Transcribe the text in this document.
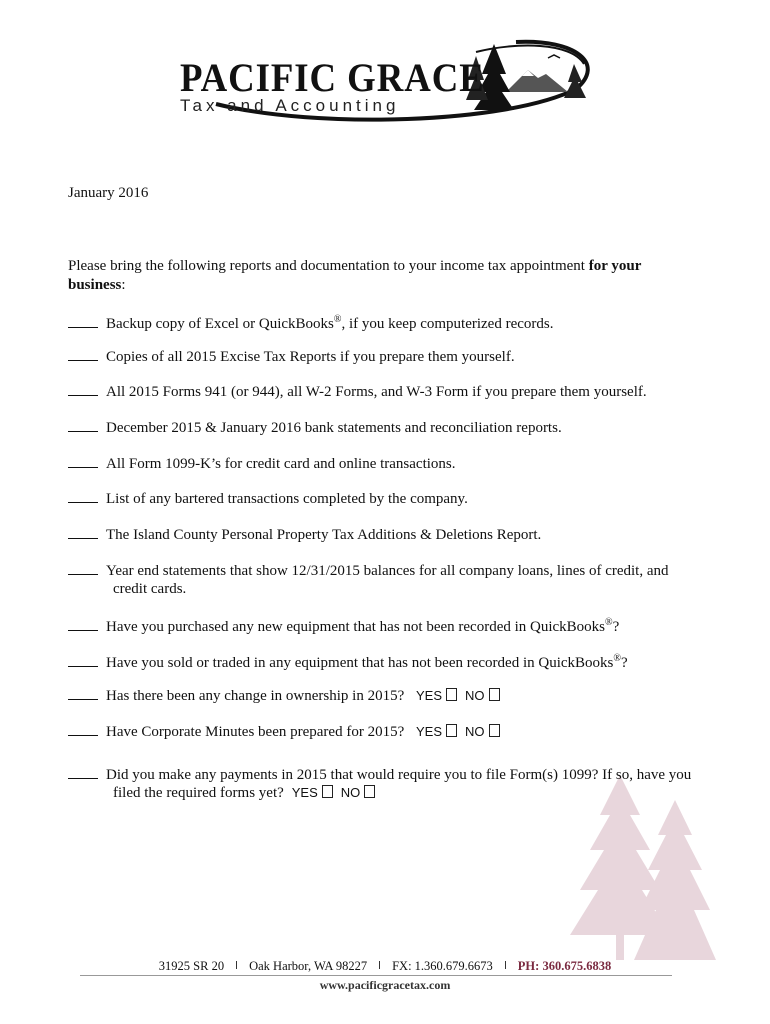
PACIFIC GRACE
Tax and Accounting
January 2016
Please bring the following reports and documentation to your income tax appointment for your business:
Backup copy of Excel or QuickBooks®, if you keep computerized records.
Copies of all 2015 Excise Tax Reports if you prepare them yourself.
All 2015 Forms 941 (or 944), all W-2 Forms, and W-3 Form if you prepare them yourself.
December 2015 & January 2016 bank statements and reconciliation reports.
All Form 1099-K’s for credit card and online transactions.
List of any bartered transactions completed by the company.
The Island County Personal Property Tax Additions & Deletions Report.
Year end statements that show 12/31/2015 balances for all company loans, lines of credit, and
credit cards.
Have you purchased any new equipment that has not been recorded in QuickBooks®?
Have you sold or traded in any equipment that has not been recorded in QuickBooks®?
Has there been any change in ownership in 2015? YES NO
Have Corporate Minutes been prepared for 2015? YES NO
Did you make any payments in 2015 that would require you to file Form(s) 1099? If so, have you
filed the required forms yet? YES NO
31925 SR 20 Oak Harbor, WA 98227 FX: 1.360.679.6673 PH: 360.675.6838
www.pacificgracetax.com
